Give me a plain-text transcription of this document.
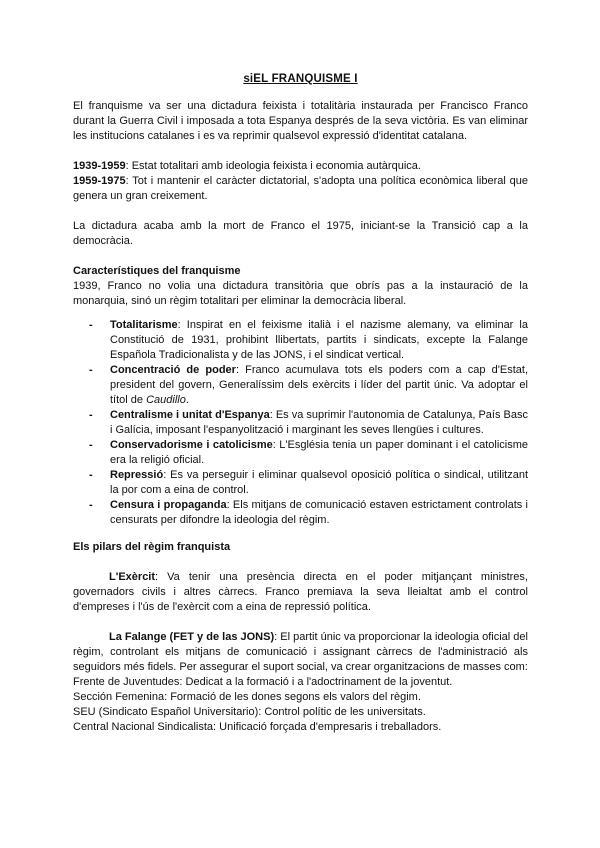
siEL FRANQUISME I

El franquisme va ser una dictadura feixista i totalitària instaurada per Francisco Franco durant la Guerra Civil i imposada a tota Espanya després de la seva victòria. Es van eliminar les institucions catalanes i es va reprimir qualsevol expressió d'identitat catalana.

1939-1959: Estat totalitari amb ideologia feixista i economia autàrquica.

1959-1975: Tot i mantenir el caràcter dictatorial, s'adopta una política econòmica liberal que genera un gran creixement.

La dictadura acaba amb la mort de Franco el 1975, iniciant-se la Transició cap a la democràcia.

Característiques del franquisme

1939, Franco no volia una dictadura transitòria que obrís pas a la instauració de la monarquia, sinó un règim totalitari per eliminar la democràcia liberal.

- Totalitarisme: Inspirat en el feixisme italià i el nazisme alemany, va eliminar la Constitució de 1931, prohibint llibertats, partits i sindicats, excepte la Falange Española Tradicionalista y de las JONS, i el sindicat vertical.
- Concentració de poder: Franco acumulava tots els poders com a cap d'Estat, president del govern, Generalíssim dels exèrcits i líder del partit únic. Va adoptar el títol de Caudillo.
- Centralisme i unitat d'Espanya: Es va suprimir l'autonomia de Catalunya, País Basc i Galícia, imposant l'espanyolització i marginant les seves llengües i cultures.
- Conservadorisme i catolicisme: L'Església tenia un paper dominant i el catolicisme era la religió oficial.
- Repressió: Es va perseguir i eliminar qualsevol oposició política o sindical, utilitzant la por com a eina de control.
- Censura i propaganda: Els mitjans de comunicació estaven estrictament controlats i censurats per difondre la ideologia del règim.

Els pilars del règim franquista

L'Exèrcit: Va tenir una presència directa en el poder mitjançant ministres, governadors civils i altres càrrecs. Franco premiava la seva lleialtat amb el control d'empreses i l'ús de l'exèrcit com a eina de repressió política.

La Falange (FET y de las JONS): El partit únic va proporcionar la ideologia oficial del règim, controlant els mitjans de comunicació i assignant càrrecs de l'administració als seguidors més fidels. Per assegurar el suport social, va crear organitzacions de masses com:

Frente de Juventudes: Dedicat a la formació i a l'adoctrinament de la joventut.

Sección Femenina: Formació de les dones segons els valors del règim.

SEU (Sindicato Español Universitario): Control polític de les universitats.

Central Nacional Sindicalista: Unificació forçada d'empresaris i treballadors.
